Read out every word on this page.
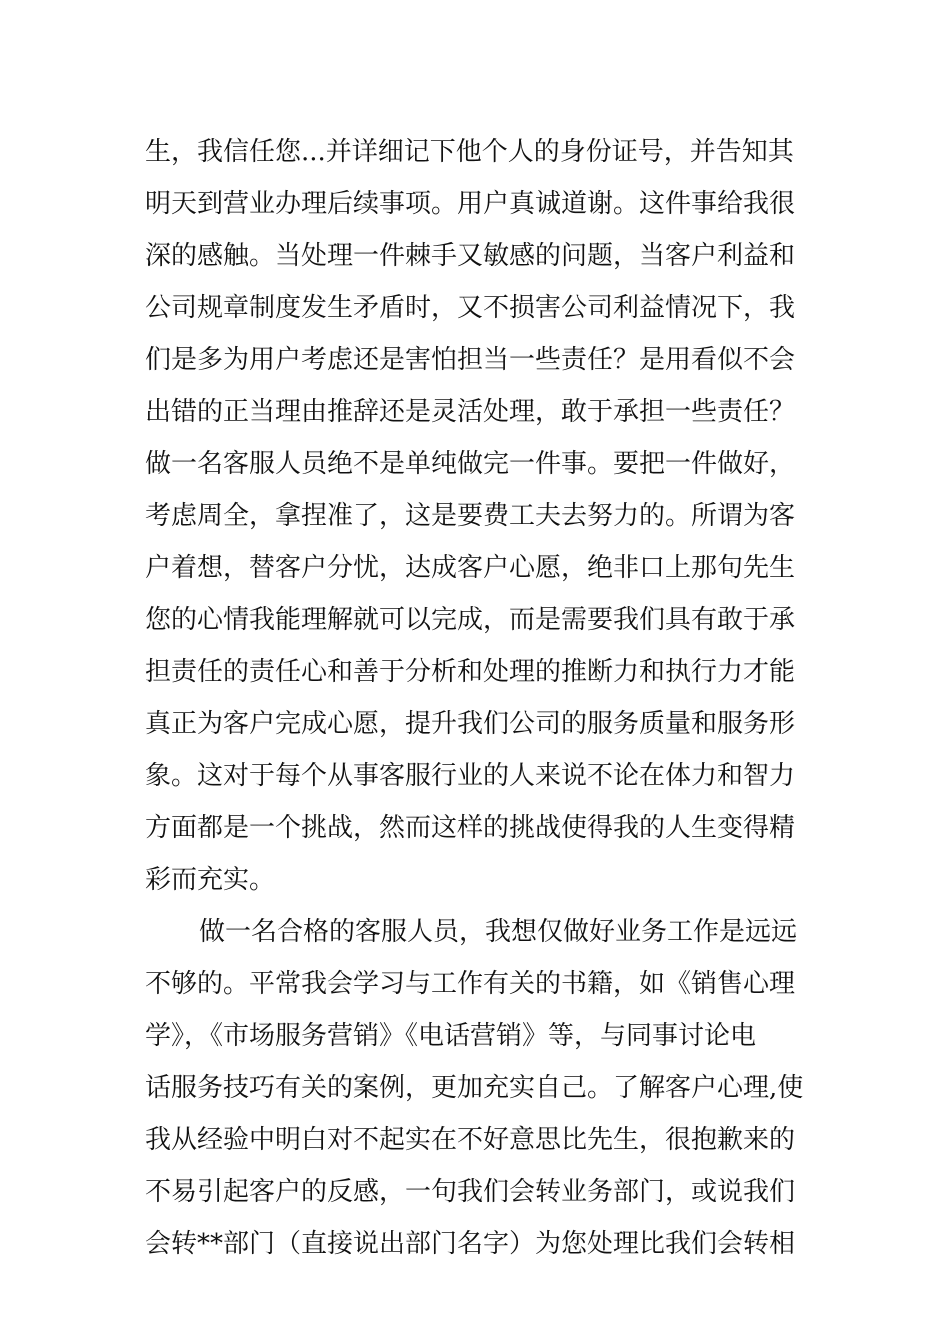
生，我信任您...并详细记下他个人的身份证号，并告知其
明天到营业办理后续事项。用户真诚道谢。这件事给我很
深的感触。当处理一件棘手又敏感的问题，当客户利益和
公司规章制度发生矛盾时，又不损害公司利益情况下，我
们是多为用户考虑还是害怕担当一些责任？是用看似不会
出错的正当理由推辞还是灵活处理，敢于承担一些责任？
做一名客服人员绝不是单纯做完一件事。要把一件做好，
考虑周全，拿捏准了，这是要费工夫去努力的。所谓为客
户着想，替客户分忧，达成客户心愿，绝非口上那句先生
您的心情我能理解就可以完成，而是需要我们具有敢于承
担责任的责任心和善于分析和处理的推断力和执行力才能
真正为客户完成心愿，提升我们公司的服务质量和服务形
象。这对于每个从事客服行业的人来说不论在体力和智力
方面都是一个挑战，然而这样的挑战使得我的人生变得精
彩而充实。
做一名合格的客服人员，我想仅做好业务工作是远远
不够的。平常我会学习与工作有关的书籍，如《销售心理
学》，《市场服务营销》《电话营销》等，与同事讨论电
话服务技巧有关的案例，更加充实自己。了解客户心理,使
我从经验中明白对不起实在不好意思比先生，很抱歉来的
不易引起客户的反感，一句我们会转业务部门，或说我们
会转**部门（直接说出部门名字）为您处理比我们会转相
